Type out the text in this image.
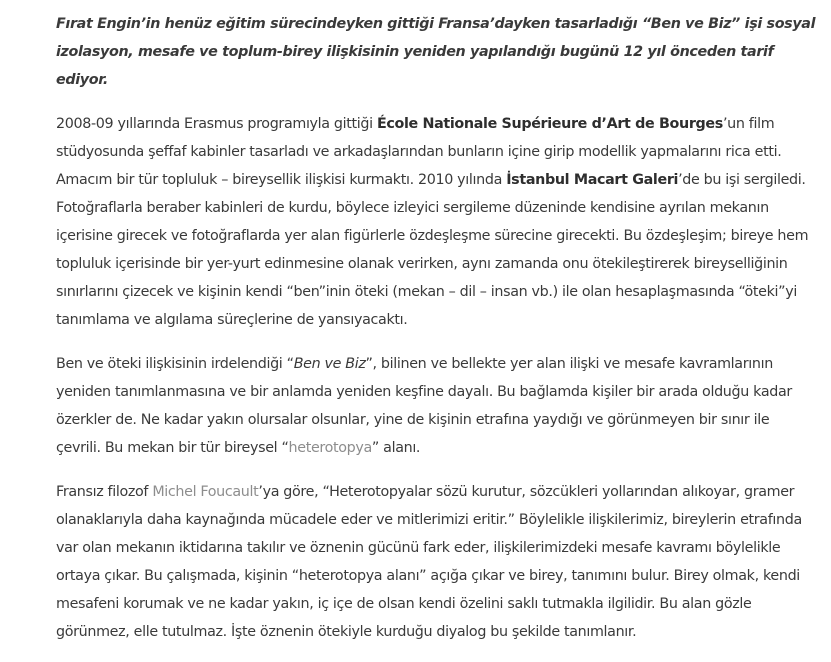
Fırat Engin’in henüz eğitim sürecindeyken gittiği Fransa’dayken tasarladığı “Ben ve Biz” işi sosyal izolasyon, mesafe ve toplum-birey ilişkisinin yeniden yapılandığı bugünü 12 yıl önceden tarif ediyor.

2008-09 yıllarında Erasmus programıyla gittiği École Nationale Supérieure d’Art de Bourges’un film stüdyosunda şeffaf kabinler tasarladı ve arkadaşlarından bunların içine girip modellik yapmalarını rica etti. Amacım bir tür topluluk – bireysellik ilişkisi kurmaktı. 2010 yılında İstanbul Macart Galeri’de bu işi sergiledi. Fotoğraflarla beraber kabinleri de kurdu, böylece izleyici sergileme düzeninde kendisine ayrılan mekanın içerisine girecek ve fotoğraflarda yer alan figürlerle özdeşleşme sürecine girecekti. Bu özdeşleşim; bireye hem topluluk içerisinde bir yer-yurt edinmesine olanak verirken, aynı zamanda onu ötekileştirerek bireyselliğinin sınırlarını çizecek ve kişinin kendi “ben”inin öteki (mekan – dil – insan vb.) ile olan hesaplaşmasında “öteki”yi tanımlama ve algılama süreçlerine de yansıyacaktı.

Ben ve öteki ilişkisinin irdelendiği “Ben ve Biz”, bilinen ve bellekte yer alan ilişki ve mesafe kavramlarının yeniden tanımlanmasına ve bir anlamda yeniden keşfine dayalı. Bu bağlamda kişiler bir arada olduğu kadar özerkler de. Ne kadar yakın olursalar olsunlar, yine de kişinin etrafına yaydığı ve görünmeyen bir sınır ile çevrili. Bu mekan bir tür bireysel “heterotopya” alanı.

Fransız filozof Michel Foucault’ya göre, “Heterotopyalar sözü kurutur, sözcükleri yollarından alıkoyar, gramer olanaklarıyla daha kaynağında mücadele eder ve mitlerimizi eritir.” Böylelikle ilişkilerimiz, bireylerin etrafında var olan mekanın iktidarına takılır ve öznenin gücünü fark eder, ilişkilerimizdeki mesafe kavramı böylelikle ortaya çıkar. Bu çalışmada, kişinin “heterotopya alanı” açığa çıkar ve birey, tanımını bulur. Birey olmak, kendi mesafeni korumak ve ne kadar yakın, iç içe de olsan kendi özelini saklı tutmakla ilgilidir. Bu alan gözle görünmez, elle tutulmaz. İşte öznenin ötekiyle kurduğu diyalog bu şekilde tanımlanır.
